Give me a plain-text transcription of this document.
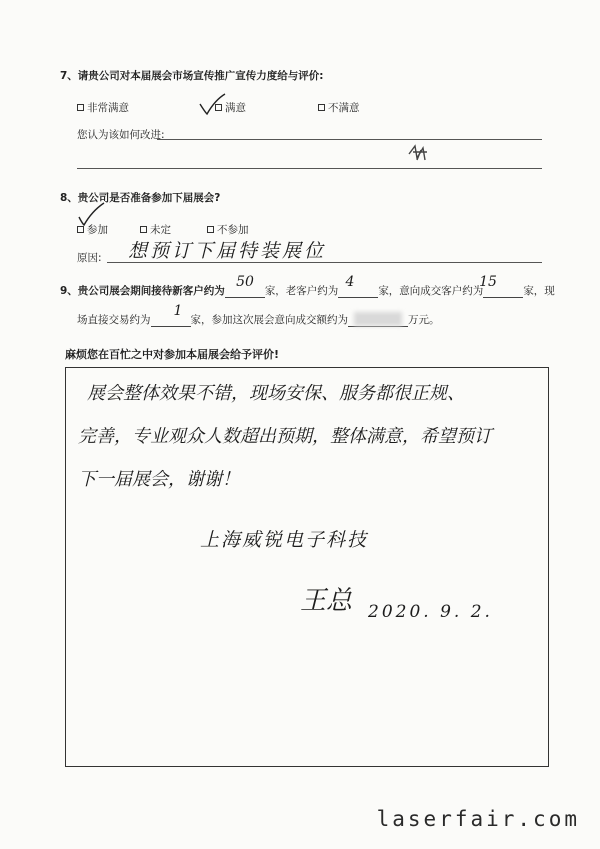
7、请贵公司对本届展会市场宣传推广宣传力度给与评价:
非常满意	满意	不满意
您认为该如何改进:
8、贵公司是否准备参加下届展会?
参加	未定	不参加
原因: 想预订下届特装展位
9、贵公司展会期间接待新客户约为	家，老客户约为	家，意向成交客户约为	家，现
50	4	15
场直接交易约为	家，参加这次展会意向成交额约为	万元。
1
麻烦您在百忙之中对参加本届展会给予评价!
展会整体效果不错，现场安保、服务都很正规、
完善，专业观众人数超出预期，整体满意，希望预订
下一届展会，谢谢！
上海威锐电子科技
王总 2020. 9. 2.
laserfair.com
